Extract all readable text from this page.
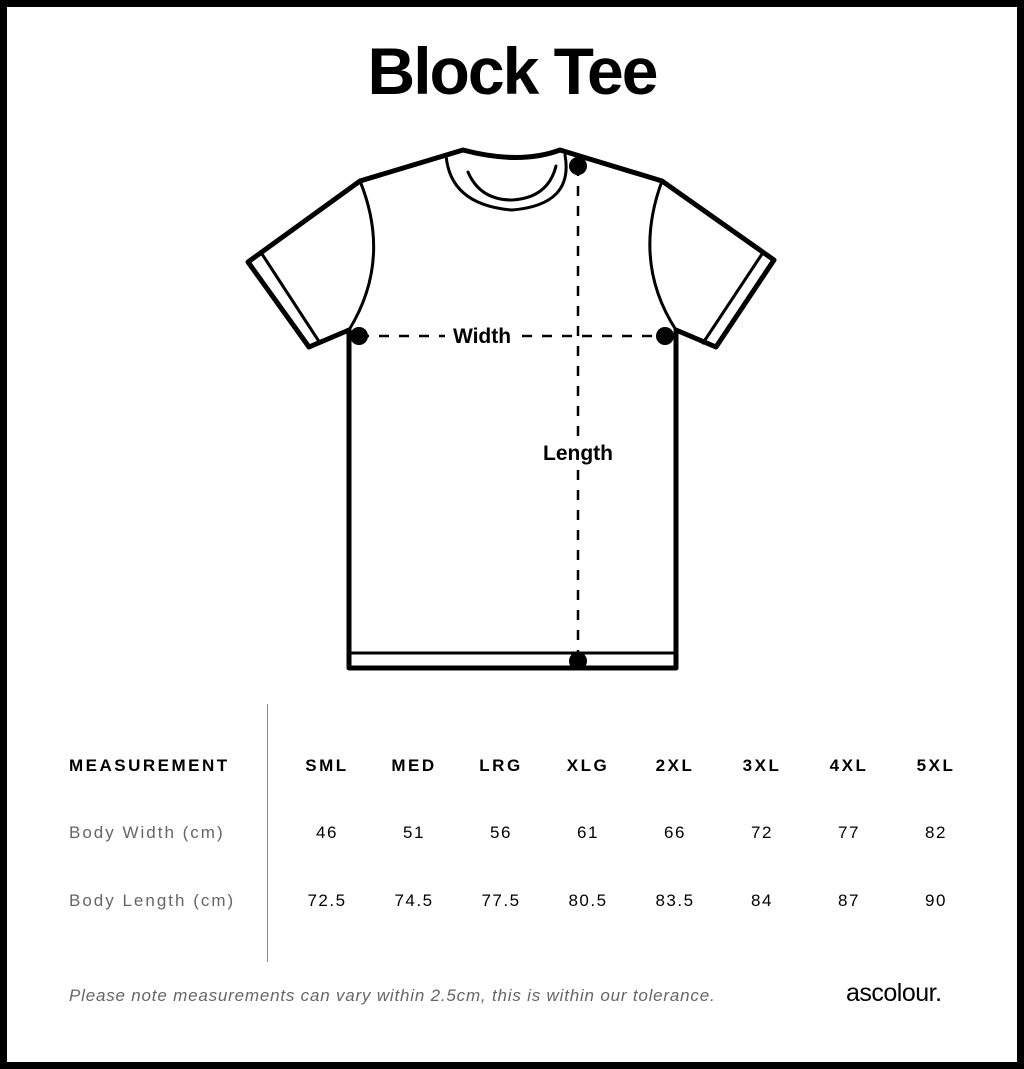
Block Tee
Width
Length
MEASUREMENT	SML	MED	LRG	XLG	2XL	3XL	4XL	5XL
Body Width (cm)	46	51	56	61	66	72	77	82
Body Length (cm)	72.5	74.5	77.5	80.5	83.5	84	87	90
Please note measurements can vary within 2.5cm, this is within our tolerance.	ascolour.
